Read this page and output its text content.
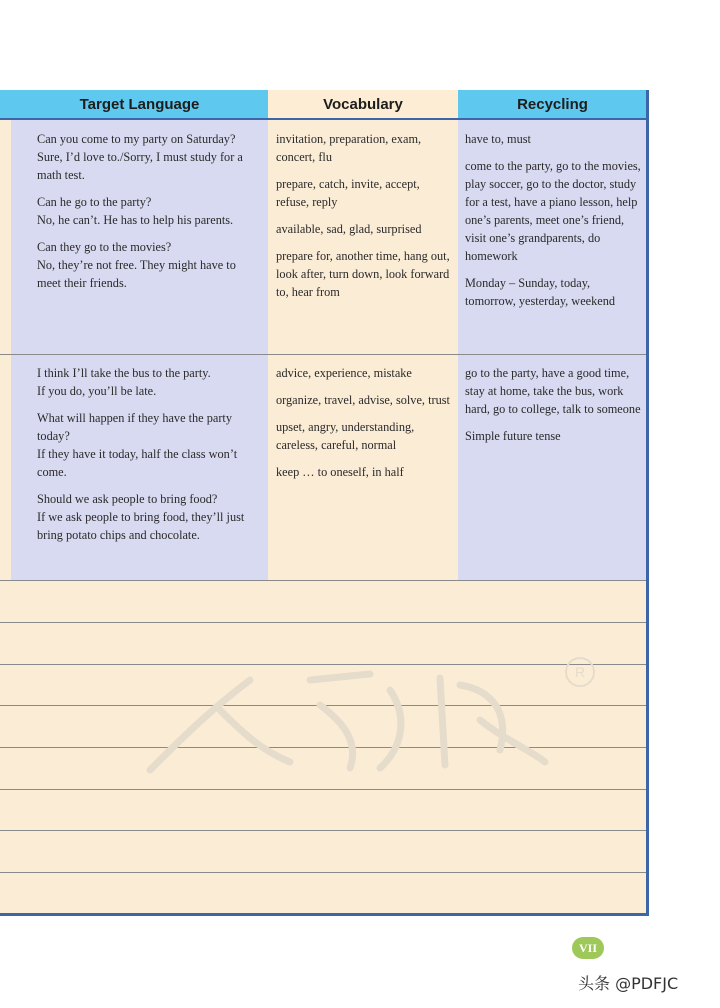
Target Language	Vocabulary	Recycling

Can you come to my party on Saturday?
Sure, I’d love to./Sorry, I must study for a math test.

Can he go to the party?
No, he can’t. He has to help his parents.

Can they go to the movies?
No, they’re not free. They might have to meet their friends.

invitation, preparation, exam, concert, flu

prepare, catch, invite, accept, refuse, reply

available, sad, glad, surprised

prepare for, another time, hang out, look after, turn down, look forward to, hear from

have to, must

come to the party, go to the movies, play soccer, go to the doctor, study for a test, have a piano lesson, help one’s parents, meet one’s friend, visit one’s grandparents, do homework

Monday – Sunday, today, tomorrow, yesterday, weekend

I think I’ll take the bus to the party.
If you do, you’ll be late.

What will happen if they have the party today?
If they have it today, half the class won’t come.

Should we ask people to bring food?
If we ask people to bring food, they’ll just bring potato chips and chocolate.

advice, experience, mistake

organize, travel, advise, solve, trust

upset, angry, understanding, careless, careful, normal

keep … to oneself, in half

go to the party, have a good time, stay at home, take the bus, work hard, go to college, talk to someone

Simple future tense

R
VII
头条 @PDFJC
